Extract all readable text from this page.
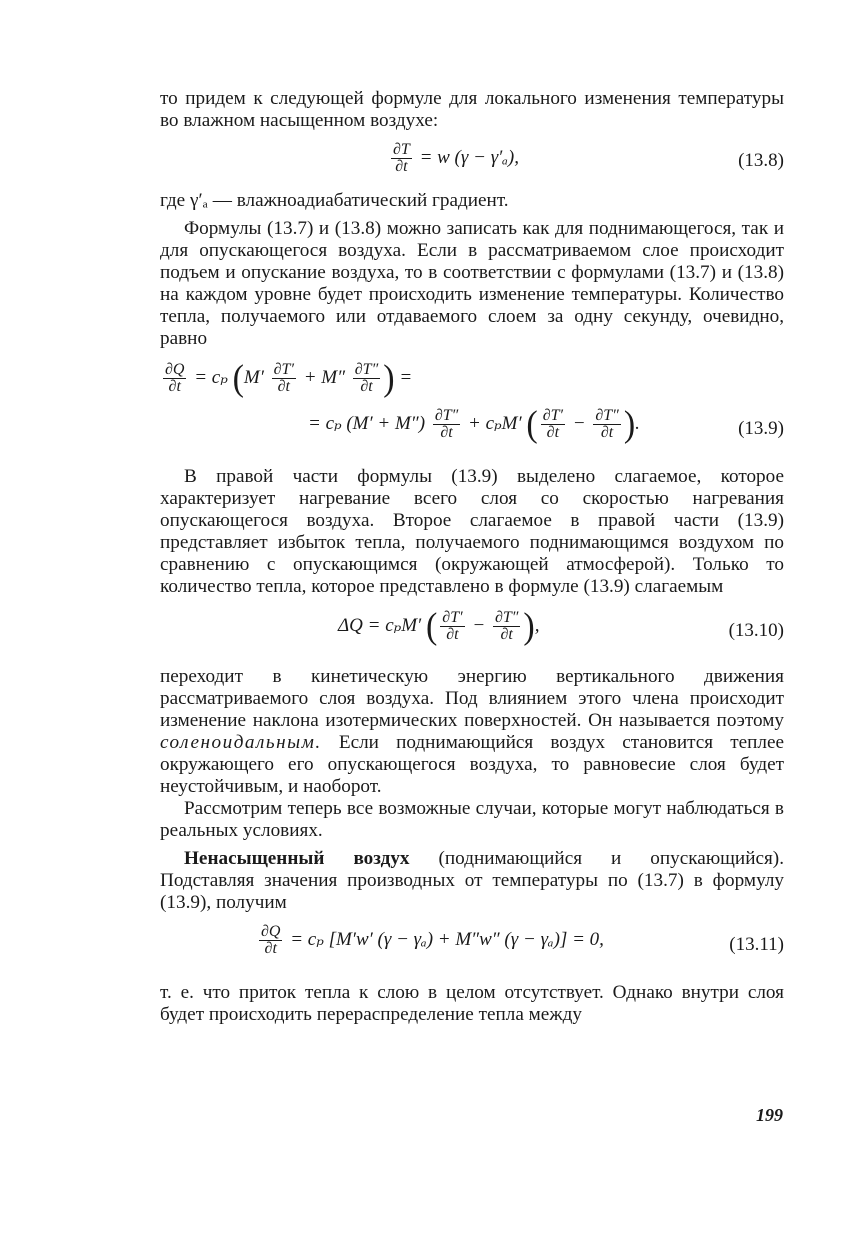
то придем к следующей формуле для локального изменения температуры во влажном насыщенном воздухе:

$\frac{\partial T}{\partial t} = w$ (γ − γ′ₐ),	(13.8)

где γ′ₐ — влажноадиабатический градиент.

Формулы (13.7) и (13.8) можно записать как для поднимающегося, так и для опускающегося воздуха. Если в рассматриваемом слое происходит подъем и опускание воздуха, то в соответствии с формулами (13.7) и (13.8) на каждом уровне будет происходить изменение температуры. Количество тепла, получаемого или отдаваемого слоем за одну секунду, очевидно, равно

$\frac{\partial Q}{\partial t} = c_p$ ($M' \frac{\partial T'}{\partial t} + M'' \frac{\partial T''}{\partial t}$ ) =
= cₚ $(M' + M'') \frac{\partial T''}{\partial t} + c_pM'$ ( $\frac{\partial T'}{\partial t} - \frac{\partial T''}{\partial t}$ ).	(13.9)

В правой части формулы (13.9) выделено слагаемое, которое характеризует нагревание всего слоя со скоростью нагревания опускающегося воздуха. Второе слагаемое в правой части (13.9) представляет избыток тепла, получаемого поднимающимся воздухом по сравнению с опускающимся (окружающей атмосферой). Только то количество тепла, которое представлено в формуле (13.9) слагаемым

ΔQ = cₚM′ ( $\frac{\partial T'}{\partial t} - \frac{\partial T''}{\partial t}$ ),	(13.10)

переходит в кинетическую энергию вертикального движения рассматриваемого слоя воздуха. Под влиянием этого члена происходит изменение наклона изотермических поверхностей. Он называется поэтому соленоидальным. Если поднимающийся воздух становится теплее окружающего его опускающегося воздуха, то равновесие слоя будет неустойчивым, и наоборот.

Рассмотрим теперь все возможные случаи, которые могут наблюдаться в реальных условиях.

Ненасыщенный воздух (поднимающийся и опускающийся). Подставляя значения производных от температуры по (13.7) в формулу (13.9), получим

$\frac{\partial Q}{\partial t} = c_p$ [M′w′ (γ − γₐ) + M″w″ (γ − γₐ)] = 0,	(13.11)

т. е. что приток тепла к слою в целом отсутствует. Однако внутри слоя будет происходить перераспределение тепла между

199
